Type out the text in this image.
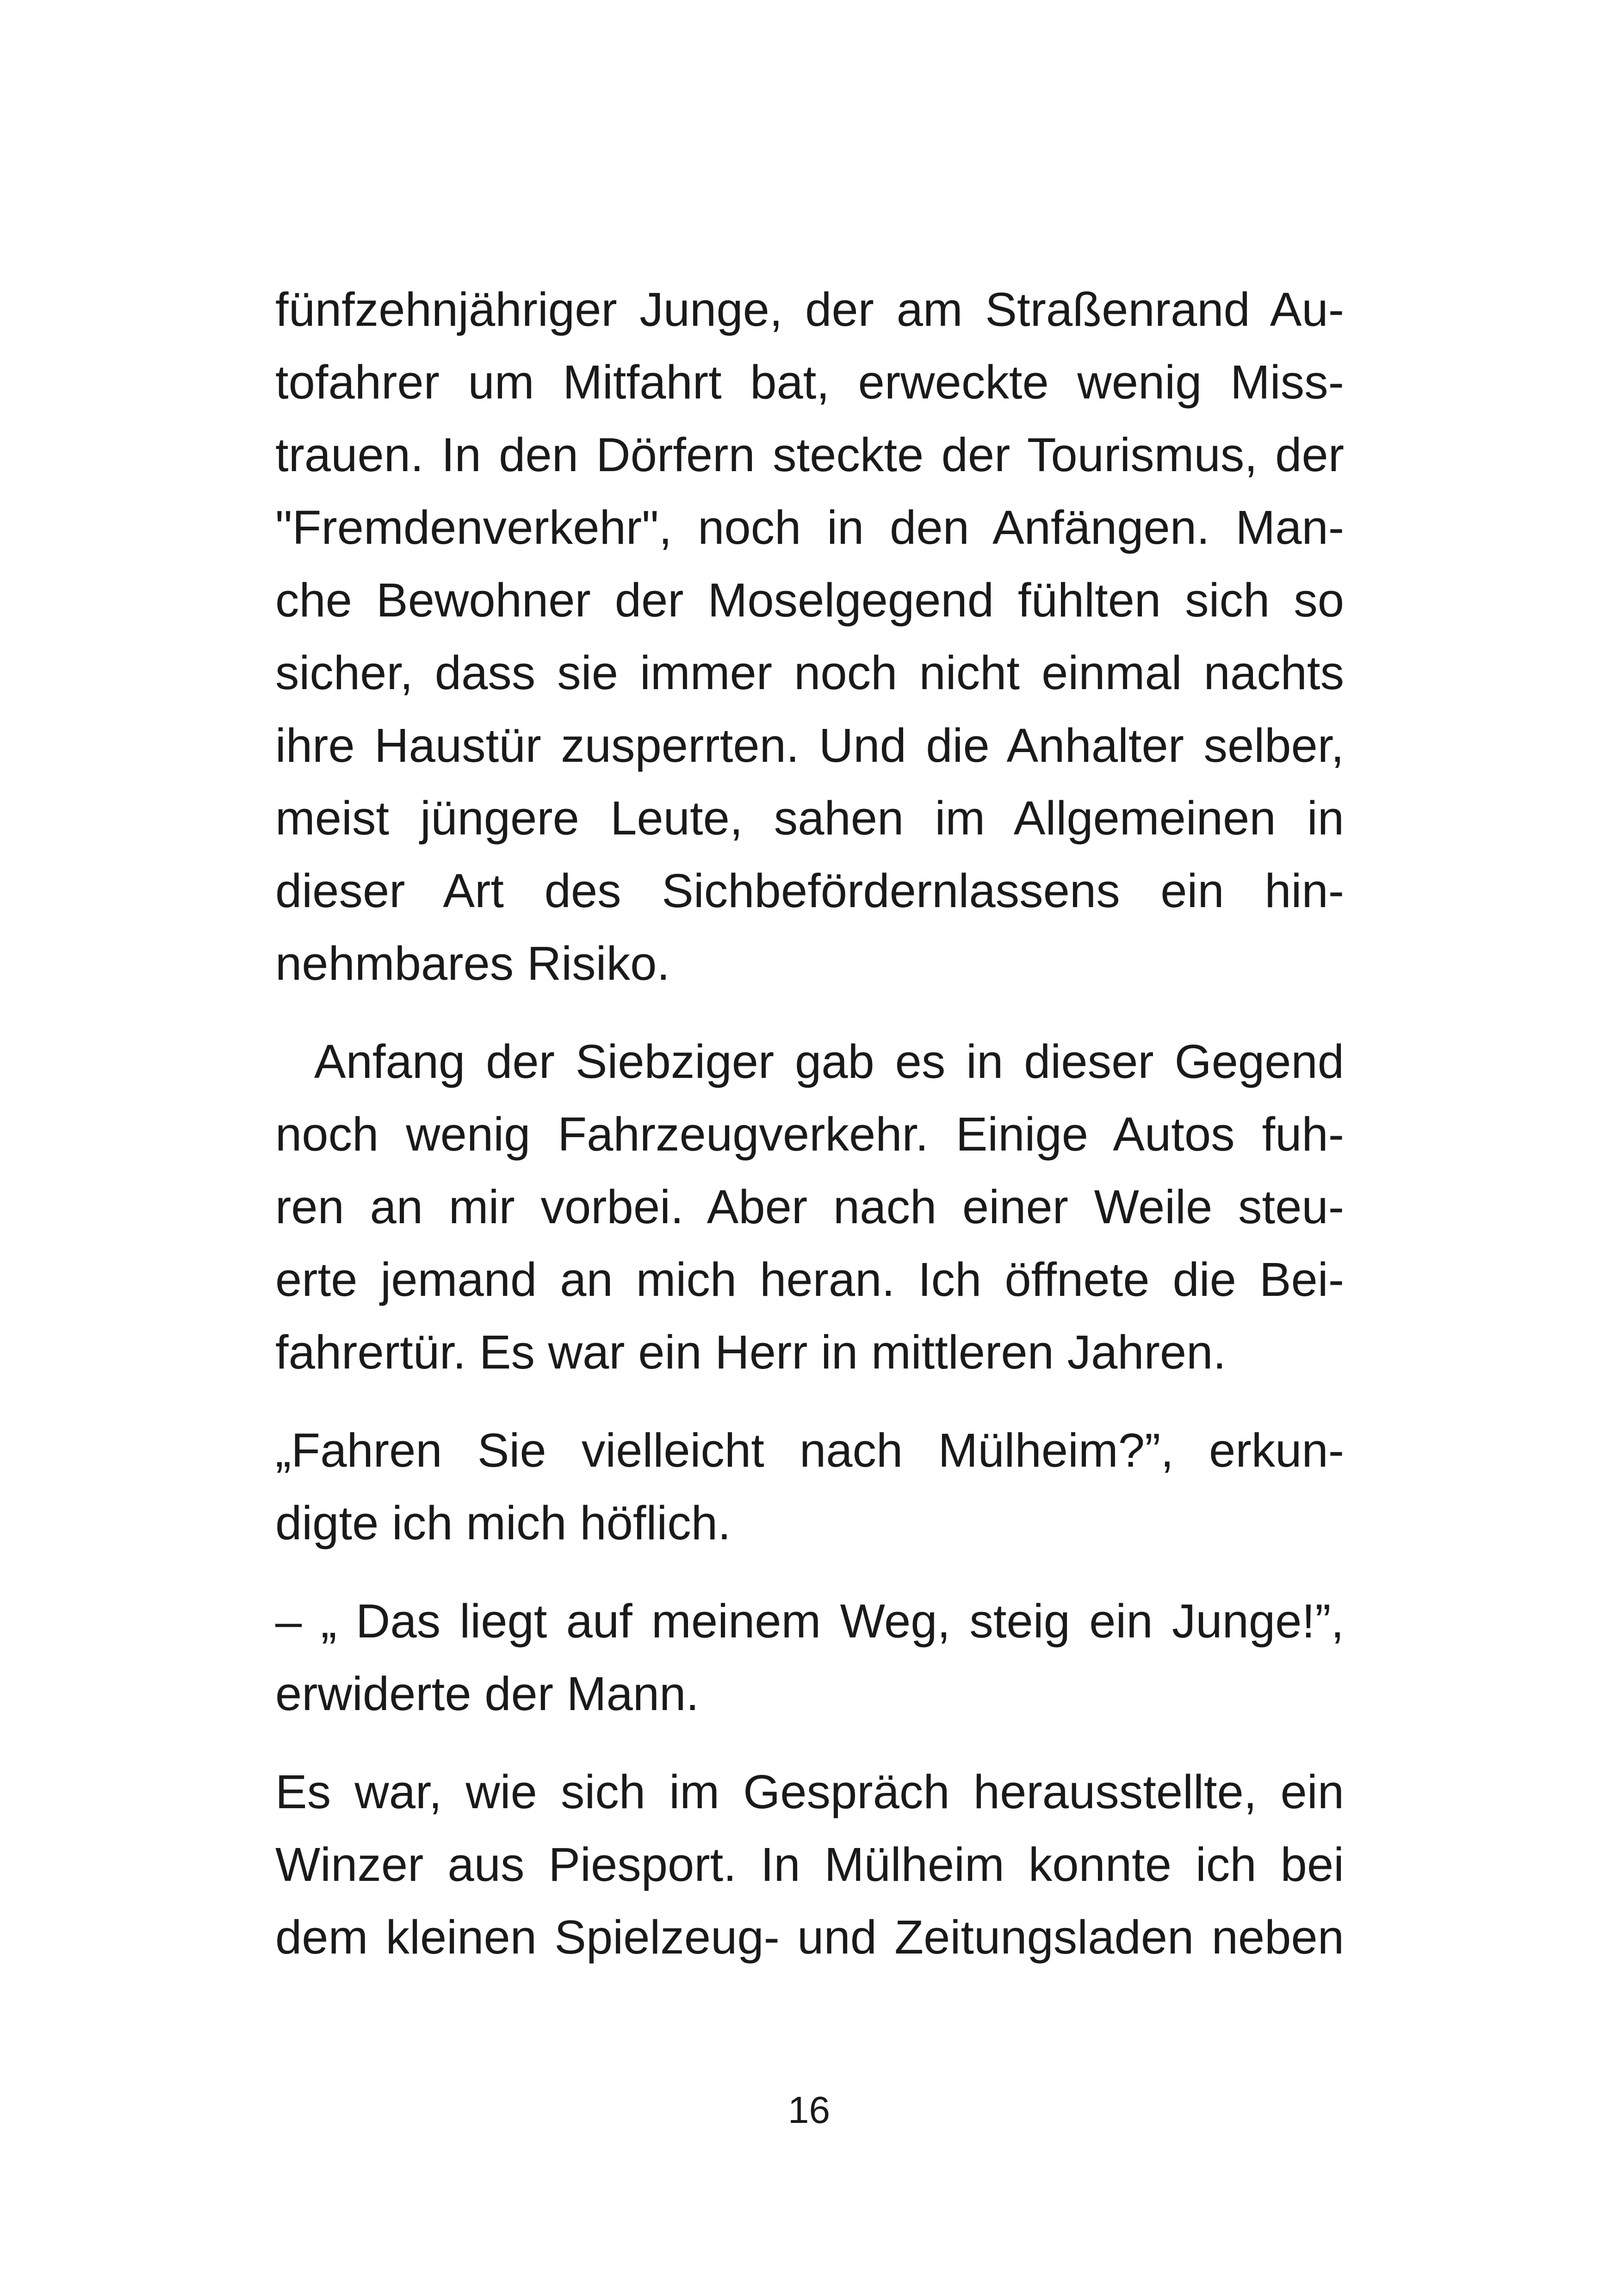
fünfzehnjähriger Junge, der am Straßenrand Au-
tofahrer um Mitfahrt bat, erweckte wenig Miss-
trauen. In den Dörfern steckte der Tourismus, der
"Fremdenverkehr", noch in den Anfängen. Man-
che Bewohner der Moselgegend fühlten sich so
sicher, dass sie immer noch nicht einmal nachts
ihre Haustür zusperrten. Und die Anhalter selber,
meist jüngere Leute, sahen im Allgemeinen in
dieser Art des Sichbefördernlassens ein hin-
nehmbares Risiko.
Anfang der Siebziger gab es in dieser Gegend
noch wenig Fahrzeugverkehr. Einige Autos fuh-
ren an mir vorbei. Aber nach einer Weile steu-
erte jemand an mich heran. Ich öffnete die Bei-
fahrertür. Es war ein Herr in mittleren Jahren.
„Fahren Sie vielleicht nach Mülheim?”, erkun-
digte ich mich höflich.
– „ Das liegt auf meinem Weg, steig ein Junge!”,
erwiderte der Mann.
Es war, wie sich im Gespräch herausstellte, ein
Winzer aus Piesport. In Mülheim konnte ich bei
dem kleinen Spielzeug- und Zeitungsladen neben
16
